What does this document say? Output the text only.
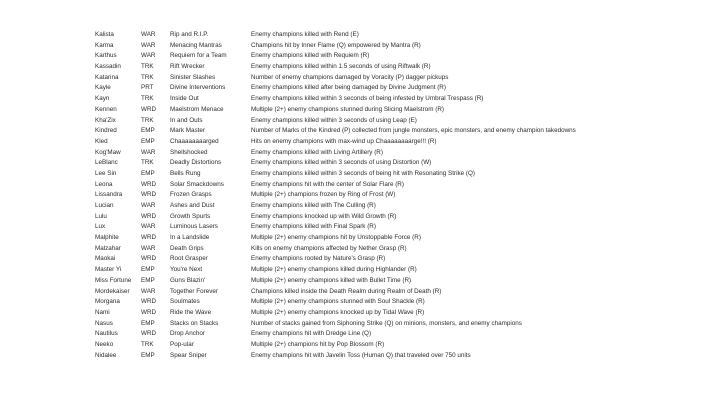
Kalista	WAR Rip and R.I.P.	Enemy champions killed with Rend (E)
Karma	WAR Menacing Mantras	Champions hit by Inner Flame (Q) empowered by Mantra (R)
Karthus	WAR Requiem for a Team	Enemy champions killed with Requiem (R)
Kassadin	TRK	Rift Wrecker	Enemy champions killed within 1.5 seconds of using Riftwalk (R)
Katarina	TRK	Sinister Slashes	Number of enemy champions damaged by Voracity (P) dagger pickups
Kayle	PRT	Divine Interventions	Enemy champions killed after being damaged by Divine Judgment (R)
Kayn	TRK	Inside Out	Enemy champions killed within 3 seconds of being infested by Umbral Trespass (R)
Kennen	WRD Maelstrom Menace	Multiple (2+) enemy champions stunned during Slicing Maelstrom (R)
Kha'Zix	TRK	In and Outs	Enemy champions killed within 3 seconds of using Leap (E)
Kindred	EMP Mark Master	Number of Marks of the Kindred (P) collected from jungle monsters, epic monsters, and enemy champion takedowns
Kled	EMP Chaaaaaaaarged	Hits on enemy champions with max-wind up Chaaaaaaaarge!!! (R)
Kog'Maw	WAR Shellshocked	Enemy champions killed with Living Artillery (R)
LeBlanc	TRK	Deadly Distortions	Enemy champions killed within 3 seconds of using Distortion (W)
Lee Sin	EMP Bells Rung	Enemy champions killed within 3 seconds of being hit with Resonating Strike (Q)
Leona	WRD Solar Smackdowns	Enemy champions hit with the center of Solar Flare (R)
Lissandra	WRD Frozen Grasps	Multiple (2+) champions frozen by Ring of Frost (W)
Lucian	WAR Ashes and Dust	Enemy champions killed with The Culling (R)
Lulu	WRD Growth Spurts	Enemy champions knocked up with Wild Growth (R)
Lux	WAR Luminous Lasers	Enemy champions killed with Final Spark (R)
Malphite	WRD In a Landslide	Multiple (2+) enemy champions hit by Unstoppable Force (R)
Malzahar	WAR Death Grips	Kills on enemy champions affected by Nether Grasp (R)
Maokai	WRD Root Grasper	Enemy champions rooted by Nature's Grasp (R)
Master Yi	EMP You're Next	Multiple (2+) enemy champions killed during Highlander (R)
Miss Fortune EMP Guns Blazin'	Multiple (2+) enemy champions killed with Bullet Time (R)
Mordekaiser WAR Together Forever	Champions killed inside the Death Realm during Realm of Death (R)
Morgana	WRD Soulmates	Multiple (2+) enemy champions stunned with Soul Shackle (R)
Nami	WRD Ride the Wave	Multiple (2+) enemy champions knocked up by Tidal Wave (R)
Nasus	EMP Stacks on Stacks	Number of stacks gained from Siphoning Strike (Q) on minions, monsters, and enemy champions
Nautilus	WRD Drop Anchor	Enemy champions hit with Dredge Line (Q)
Neeko	TRK	Pop-ular	Multiple (2+) champions hit by Pop Blossom (R)
Nidalee	EMP Spear Sniper	Enemy champions hit with Javelin Toss (Human Q) that traveled over 750 units
